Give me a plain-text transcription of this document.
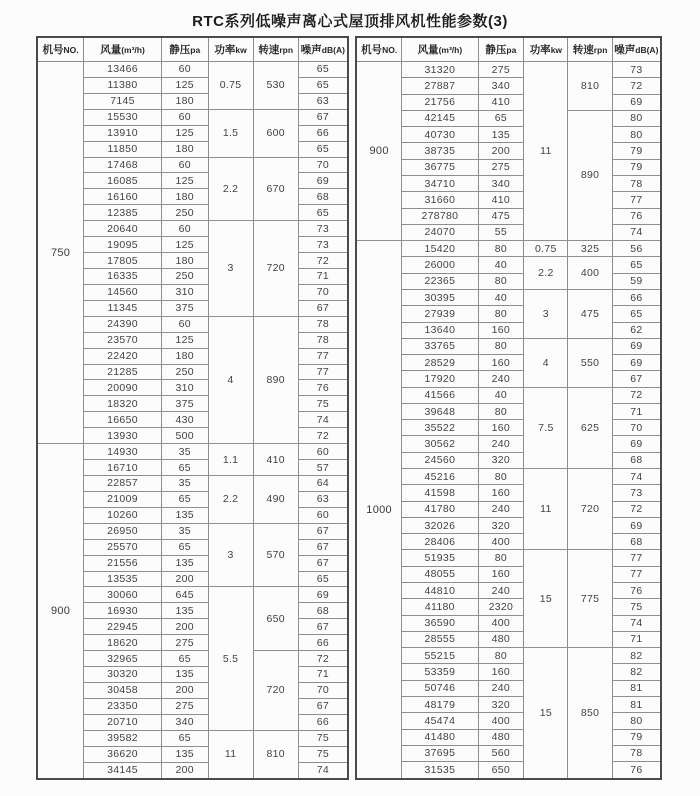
RTC系列低噪声离心式屋顶排风机性能参数(3)
机号NO.	风量(m³/h)	静压pa	功率kw	转速rpn	噪声dB(A)
750	13466	60	0.75	530	65
	11380	125			65
	7145	180			63
	15530	60	1.5	600	67
	13910	125			66
	11850	180			65
	17468	60	2.2	670	70
	16085	125			69
	16160	180			68
	12385	250			65
	20640	60	3	720	73
	19095	125			73
	17805	180			72
	16335	250			71
	14560	310			70
	11345	375			67
	24390	60	4	890	78
	23570	125			78
	22420	180			77
	21285	250			77
	20090	310			76
	18320	375			75
	16650	430			74
	13930	500			72
900	14930	35	1.1	410	60
	16710	65			57
	22857	35	2.2	490	64
	21009	65			63
	10260	135			60
	26950	35	3	570	67
	25570	65			67
	21556	135			67
	13535	200			65
	30060	645	5.5	650	69
	16930	135			68
	22945	200			67
	18620	275			66
	32965	65		720	72
	30320	135			71
	30458	200			70
	23350	275			67
	20710	340			66
	39582	65	11	810	75
	36620	135			75
	34145	200			74
机号NO.	风量(m³/h)	静压pa	功率kw	转速rpn	噪声dB(A)
900	31320	275	11	810	73
	27887	340			72
	21756	410			69
	42145	65		890	80
	40730	135			80
	38735	200			79
	36775	275			79
	34710	340			78
	31660	410			77
	278780	475			76
	24070	55			74
1000	15420	80	0.75	325	56
	26000	40	2.2	400	65
	22365	80			59
	30395	40	3	475	66
	27939	80			65
	13640	160			62
	33765	80	4	550	69
	28529	160			69
	17920	240			67
	41566	40	7.5	625	72
	39648	80			71
	35522	160			70
	30562	240			69
	24560	320			68
	45216	80	11	720	74
	41598	160			73
	41780	240			72
	32026	320			69
	28406	400			68
	51935	80	15	775	77
	48055	160			77
	44810	240			76
	41180	2320			75
	36590	400			74
	28555	480			71
	55215	80	15	850	82
	53359	160			82
	50746	240			81
	48179	320			81
	45474	400			80
	41480	480			79
	37695	560			78
	31535	650			76
